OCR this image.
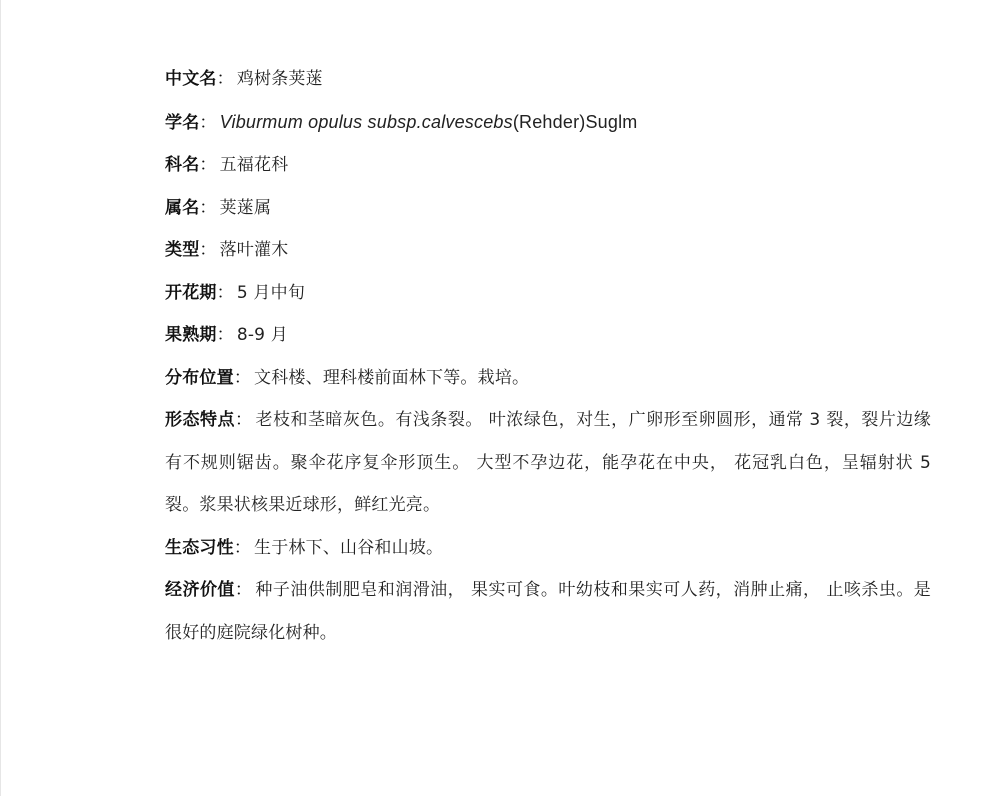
中文名： 鸡树条荚蒾
学名： Viburmum opulus subsp.calvescebs(Rehder)Suglm
科名： 五福花科
属名： 荚蒾属
类型： 落叶灌木
开花期： 5 月中旬
果熟期： 8-9 月
分布位置： 文科楼、理科楼前面林下等。栽培。
形态特点： 老枝和茎暗灰色。有浅条裂。 叶浓绿色，对生，广卵形至卵圆形，通常 3 裂，裂片边缘有不规则锯齿。聚伞花序复伞形顶生。 大型不孕边花，能孕花在中央， 花冠乳白色，呈辐射状 5 裂。浆果状核果近球形，鲜红光亮。
生态习性： 生于林下、山谷和山坡。
经济价值： 种子油供制肥皂和润滑油， 果实可食。叶幼枝和果实可人药，消肿止痛， 止咳杀虫。是很好的庭院绿化树种。
